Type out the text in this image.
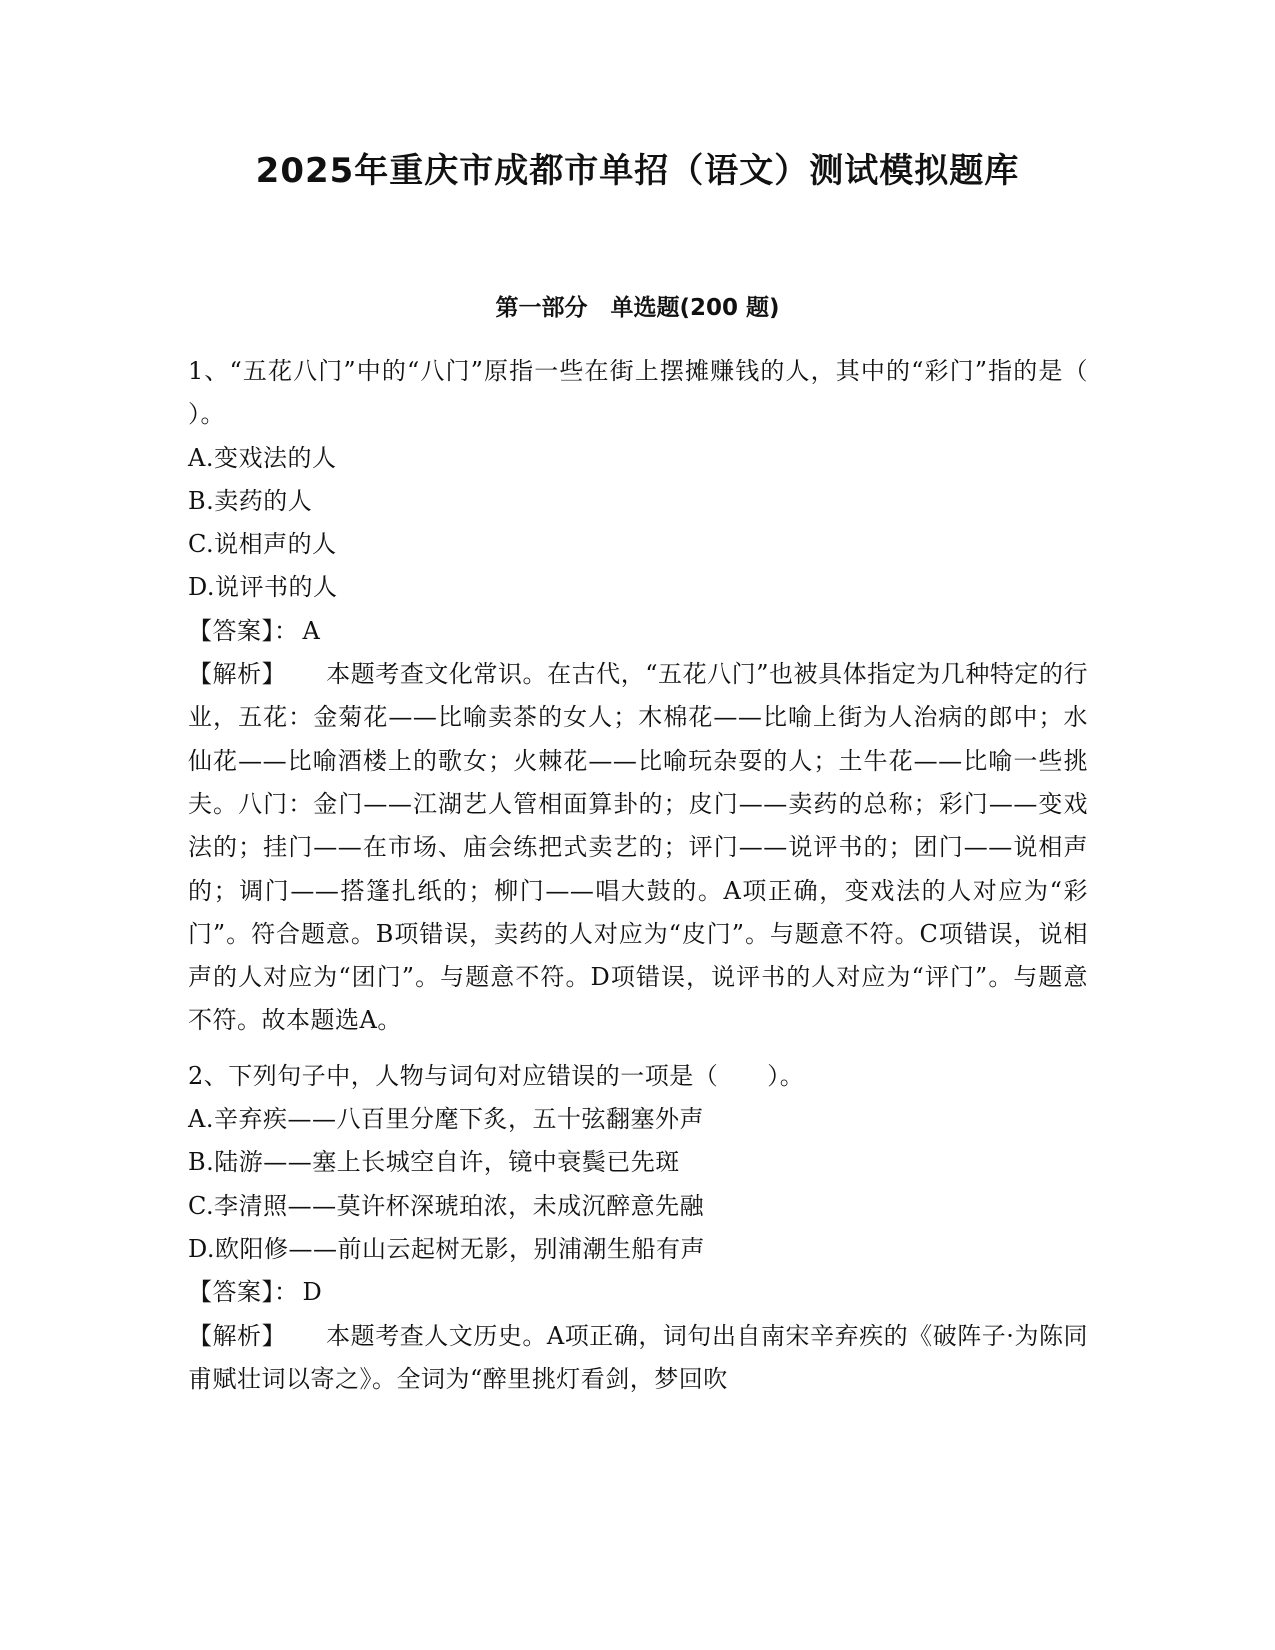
2025年重庆市成都市单招（语文）测试模拟题库
第一部分　单选题(200 题)
1、“五花八门”中的“八门”原指一些在街上摆摊赚钱的人，其中的“彩门”指的是（　　）。
A.变戏法的人
B.卖药的人
C.说相声的人
D.说评书的人
【答案】： A
【解析】 本题考查文化常识。在古代，“五花八门”也被具体指定为几种特定的行业，五花：金菊花——比喻卖茶的女人；木棉花——比喻上街为人治病的郎中；水仙花——比喻酒楼上的歌女；火棘花——比喻玩杂耍的人；土牛花——比喻一些挑夫。八门：金门——江湖艺人管相面算卦的；皮门——卖药的总称；彩门——变戏法的；挂门——在市场、庙会练把式卖艺的；评门——说评书的；团门——说相声的；调门——搭篷扎纸的；柳门——唱大鼓的。A项正确，变戏法的人对应为“彩门”。符合题意。B项错误，卖药的人对应为“皮门”。与题意不符。C项错误，说相声的人对应为“团门”。与题意不符。D项错误，说评书的人对应为“评门”。与题意不符。故本题选A。
2、下列句子中，人物与词句对应错误的一项是（　　）。
A.辛弃疾——八百里分麾下炙，五十弦翻塞外声
B.陆游——塞上长城空自许，镜中衰鬓已先斑
C.李清照——莫许杯深琥珀浓，未成沉醉意先融
D.欧阳修——前山云起树无影，别浦潮生船有声
【答案】： D
【解析】 本题考查人文历史。A项正确，词句出自南宋辛弃疾的《破阵子·为陈同甫赋壮词以寄之》。全词为“醉里挑灯看剑，梦回吹
